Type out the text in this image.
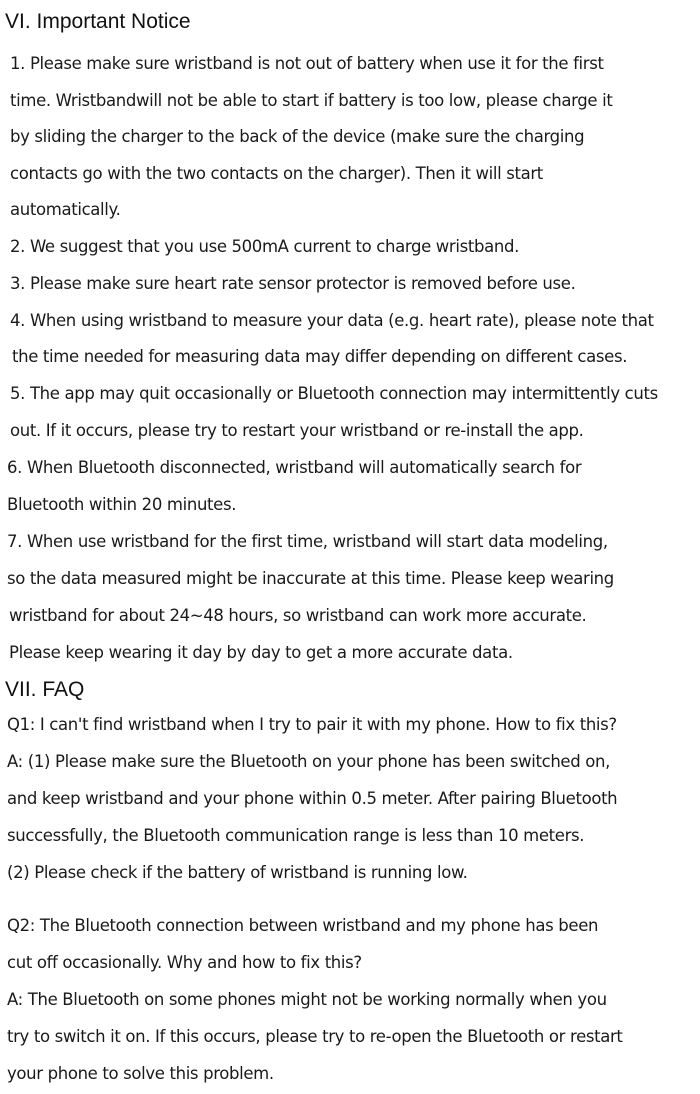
VI. Important Notice

1. Please make sure wristband is not out of battery when use it for the first

time. Wristbandwill not be able to start if battery is too low, please charge it

by sliding the charger to the back of the device (make sure the charging

contacts go with the two contacts on the charger). Then it will start

automatically.

2. We suggest that you use 500mA current to charge wristband.

3. Please make sure heart rate sensor protector is removed before use.

4. When using wristband to measure your data (e.g. heart rate), please note that

the time needed for measuring data may differ depending on different cases.

5. The app may quit occasionally or Bluetooth connection may intermittently cuts

out. If it occurs, please try to restart your wristband or re-install the app.

6. When Bluetooth disconnected, wristband will automatically search for

Bluetooth within 20 minutes.

7. When use wristband for the first time, wristband will start data modeling,

so the data measured might be inaccurate at this time. Please keep wearing

wristband for about 24~48 hours, so wristband can work more accurate.

Please keep wearing it day by day to get a more accurate data.

VII. FAQ

Q1: I can't find wristband when I try to pair it with my phone. How to fix this?

A: (1) Please make sure the Bluetooth on your phone has been switched on,

and keep wristband and your phone within 0.5 meter. After pairing Bluetooth

successfully, the Bluetooth communication range is less than 10 meters.

(2) Please check if the battery of wristband is running low.

Q2: The Bluetooth connection between wristband and my phone has been

cut off occasionally. Why and how to fix this?

A: The Bluetooth on some phones might not be working normally when you

try to switch it on. If this occurs, please try to re-open the Bluetooth or restart

your phone to solve this problem.
